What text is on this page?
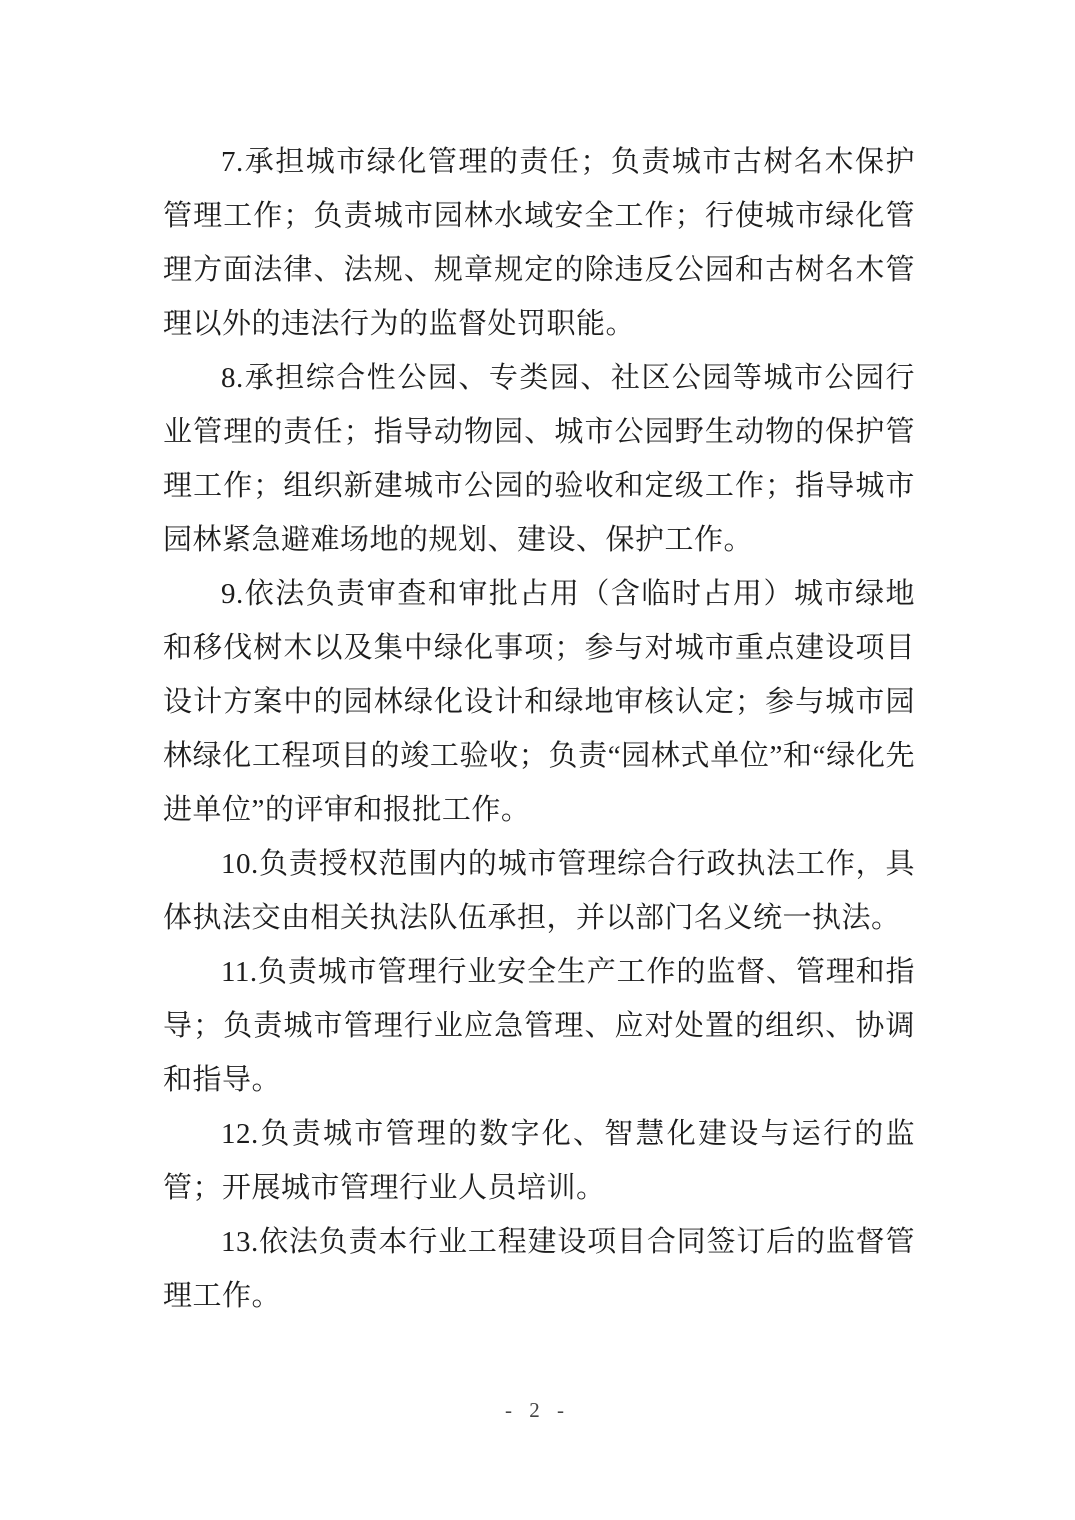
7.承担城市绿化管理的责任；负责城市古树名木保护管理工作；负责城市园林水域安全工作；行使城市绿化管理方面法律、法规、规章规定的除违反公园和古树名木管理以外的违法行为的监督处罚职能。

8.承担综合性公园、专类园、社区公园等城市公园行业管理的责任；指导动物园、城市公园野生动物的保护管理工作；组织新建城市公园的验收和定级工作；指导城市园林紧急避难场地的规划、建设、保护工作。

9.依法负责审查和审批占用（含临时占用）城市绿地和移伐树木以及集中绿化事项；参与对城市重点建设项目设计方案中的园林绿化设计和绿地审核认定；参与城市园林绿化工程项目的竣工验收；负责“园林式单位”和“绿化先进单位”的评审和报批工作。

10.负责授权范围内的城市管理综合行政执法工作，具体执法交由相关执法队伍承担，并以部门名义统一执法。

11.负责城市管理行业安全生产工作的监督、管理和指导；负责城市管理行业应急管理、应对处置的组织、协调和指导。

12.负责城市管理的数字化、智慧化建设与运行的监管；开展城市管理行业人员培训。

13.依法负责本行业工程建设项目合同签订后的监督管理工作。

- 2 -
